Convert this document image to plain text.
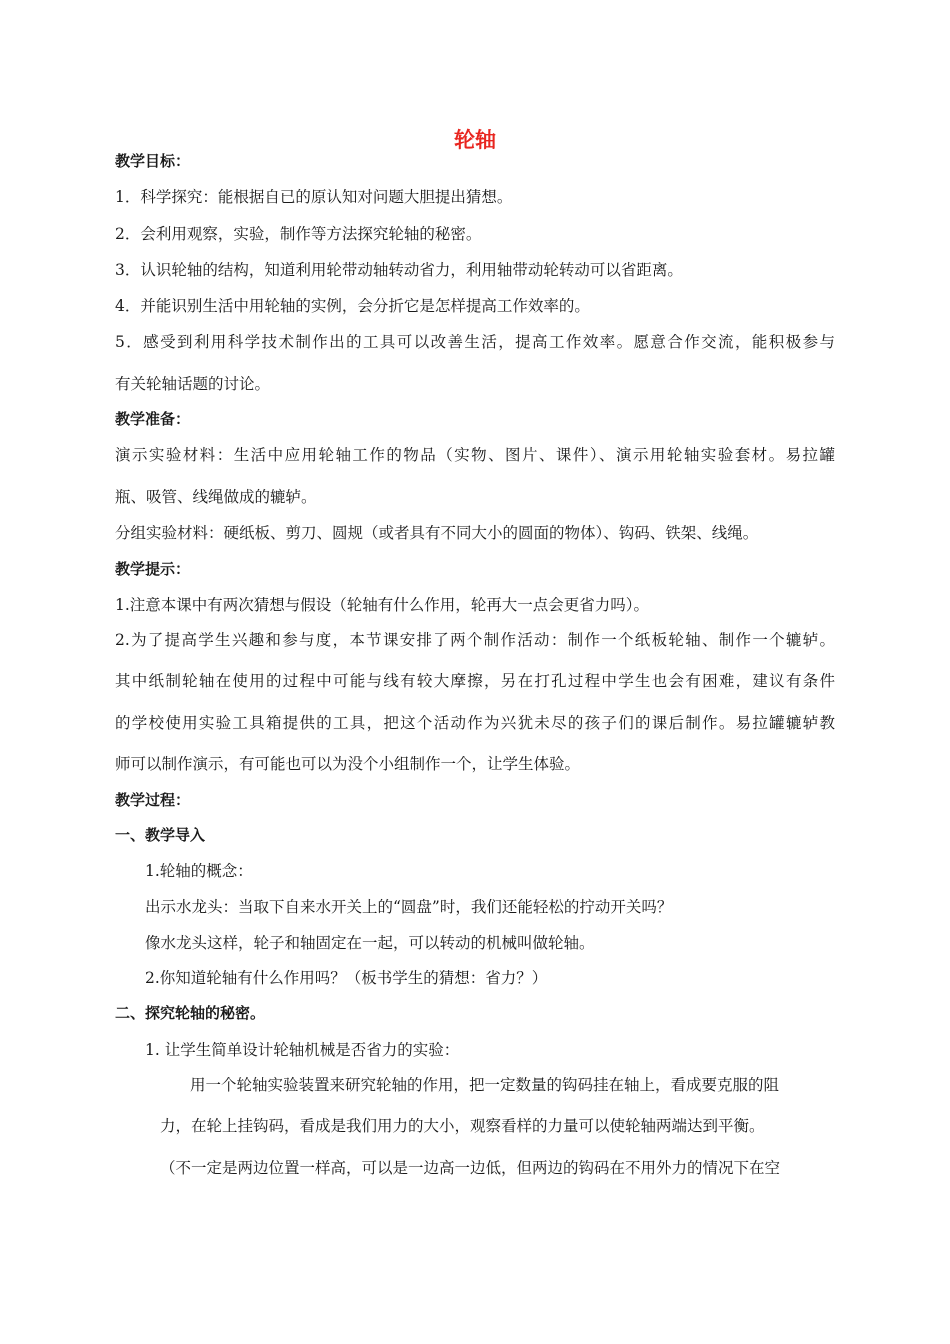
轮轴
教学目标：
1．科学探究：能根据自已的原认知对问题大胆提出猜想。
2．会利用观察，实验，制作等方法探究轮轴的秘密。
3．认识轮轴的结构，知道利用轮带动轴转动省力，利用轴带动轮转动可以省距离。
4．并能识别生活中用轮轴的实例，会分折它是怎样提高工作效率的。
5．感受到利用科学技术制作出的工具可以改善生活，提高工作效率。愿意合作交流，能积极参与
有关轮轴话题的讨论。
教学准备：
演示实验材料：生活中应用轮轴工作的物品（实物、图片、课件）、演示用轮轴实验套材。易拉罐
瓶、吸管、线绳做成的辘轳。
分组实验材料：硬纸板、剪刀、圆规（或者具有不同大小的圆面的物体）、钩码、铁架、线绳。
教学提示：
1.注意本课中有两次猜想与假设（轮轴有什么作用，轮再大一点会更省力吗）。
2.为了提高学生兴趣和参与度，本节课安排了两个制作活动：制作一个纸板轮轴、制作一个辘轳。
其中纸制轮轴在使用的过程中可能与线有较大摩擦，另在打孔过程中学生也会有困难，建议有条件
的学校使用实验工具箱提供的工具，把这个活动作为兴犹未尽的孩子们的课后制作。易拉罐辘轳教
师可以制作演示，有可能也可以为没个小组制作一个，让学生体验。
教学过程：
一、教学导入
1.轮轴的概念：
出示水龙头：当取下自来水开关上的“圆盘”时，我们还能轻松的拧动开关吗？
像水龙头这样，轮子和轴固定在一起，可以转动的机械叫做轮轴。
2.你知道轮轴有什么作用吗？（板书学生的猜想：省力？）
二、探究轮轴的秘密。
1. 让学生简单设计轮轴机械是否省力的实验：
用一个轮轴实验装置来研究轮轴的作用，把一定数量的钩码挂在轴上，看成要克服的阻
力，在轮上挂钩码，看成是我们用力的大小，观察看样的力量可以使轮轴两端达到平衡。
（不一定是两边位置一样高，可以是一边高一边低，但两边的钩码在不用外力的情况下在空
